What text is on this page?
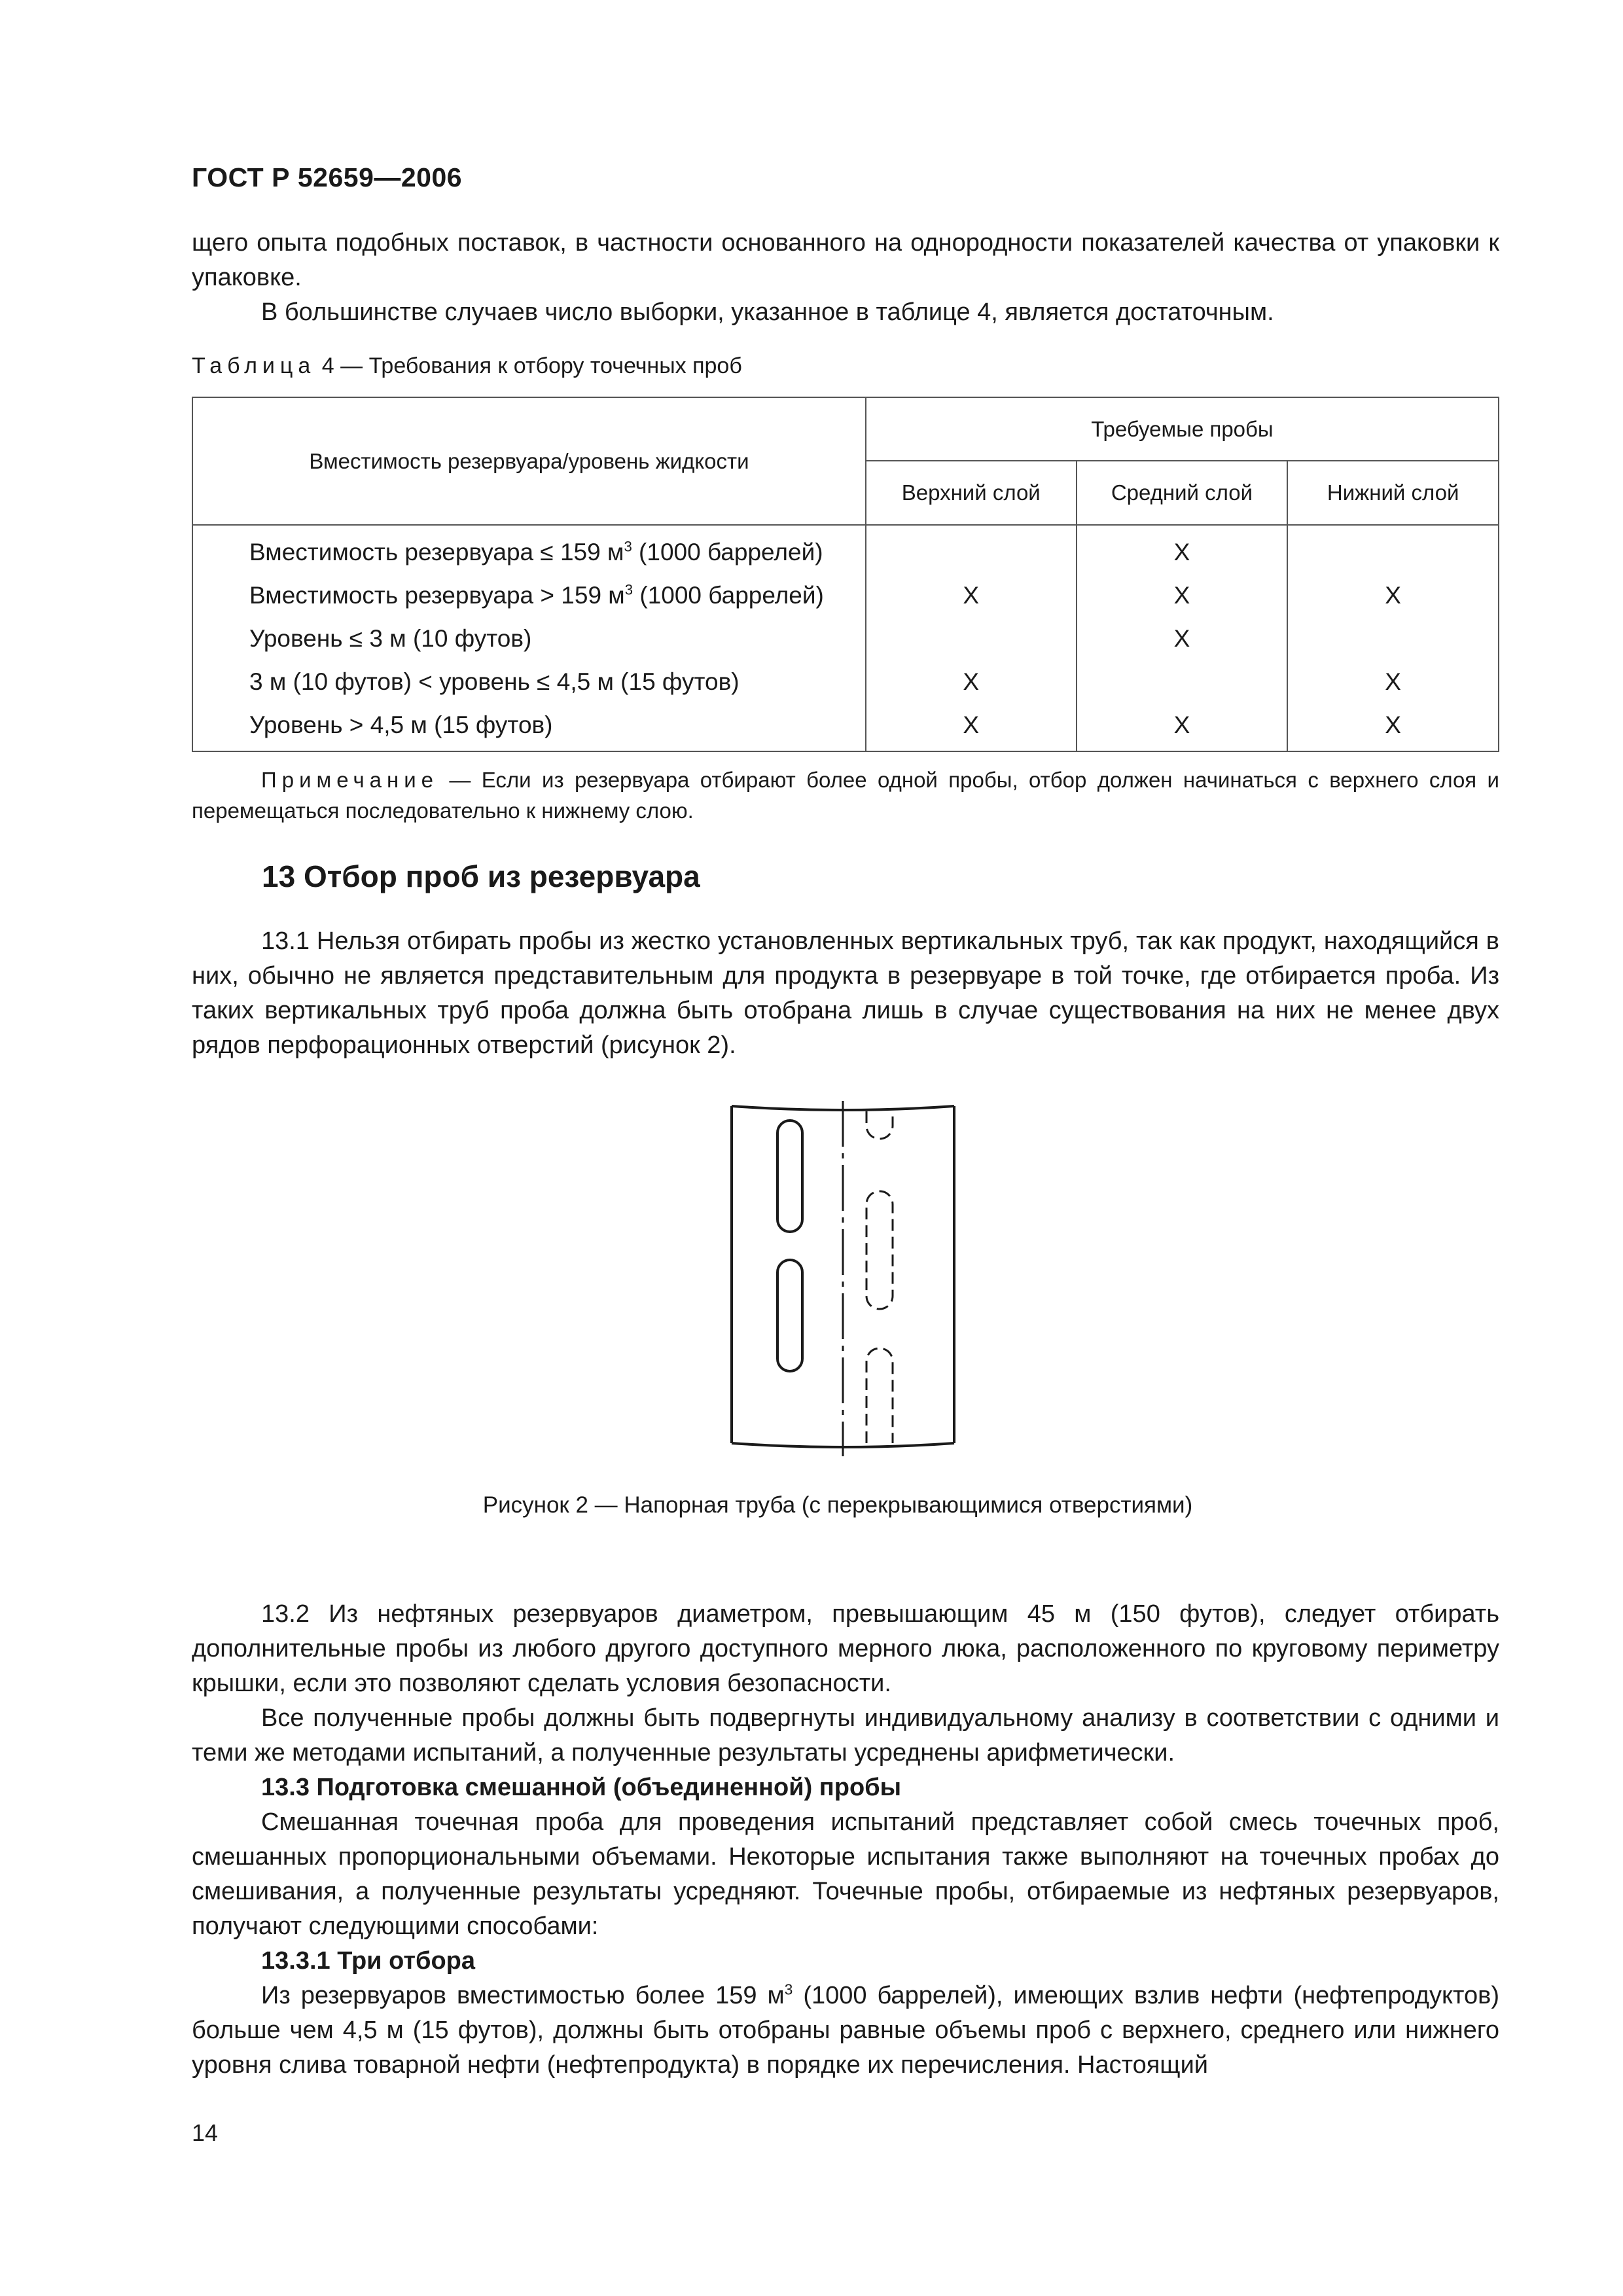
ГОСТ Р 52659—2006

щего опыта подобных поставок, в частности основанного на однородности показателей качества от упаковки к упаковке.

В большинстве случаев число выборки, указанное в таблице 4, является достаточным.

Таблица 4 — Требования к отбору точечных проб
Вместимость резервуара/уровень жидкости	Требуемые пробы		
	Верхний слой	Средний слой	Нижний слой
Вместимость резервуара ≤ 159 $м^3$ (1000 баррелей)		X	
Вместимость резервуара > 159 $м^3$ (1000 баррелей)	X	X	X
Уровень ≤ 3 м (10 футов)		X	
3 м (10 футов) < уровень ≤ 4,5 м (15 футов)	X		X
Уровень > 4,5 м (15 футов)	X	X	X

Примечание — Если из резервуара отбирают более одной пробы, отбор должен начинаться с верхнего слоя и перемещаться последовательно к нижнему слою.

13 Отбор проб из резервуара

13.1 Нельзя отбирать пробы из жестко установленных вертикальных труб, так как продукт, находящийся в них, обычно не является представительным для продукта в резервуаре в той точке, где отбирается проба. Из таких вертикальных труб проба должна быть отобрана лишь в случае существования на них не менее двух рядов перфорационных отверстий (рисунок 2).

Рисунок 2 — Напорная труба (с перекрывающимися отверстиями)

13.2 Из нефтяных резервуаров диаметром, превышающим 45 м (150 футов), следует отбирать дополнительные пробы из любого другого доступного мерного люка, расположенного по круговому периметру крышки, если это позволяют сделать условия безопасности.

Все полученные пробы должны быть подвергнуты индивидуальному анализу в соответствии с одними и теми же методами испытаний, а полученные результаты усреднены арифметически.

13.3 Подготовка смешанной (объединенной) пробы

Смешанная точечная проба для проведения испытаний представляет собой смесь точечных проб, смешанных пропорциональными объемами. Некоторые испытания также выполняют на точечных пробах до смешивания, а полученные результаты усредняют. Точечные пробы, отбираемые из нефтяных резервуаров, получают следующими способами:

13.3.1 Три отбора

Из резервуаров вместимостью более 159 $м^3$ (1000 баррелей), имеющих взлив нефти (нефтепродуктов) больше чем 4,5 м (15 футов), должны быть отобраны равные объемы проб с верхнего, среднего или нижнего уровня слива товарной нефти (нефтепродукта) в порядке их перечисления. Настоящий

14
